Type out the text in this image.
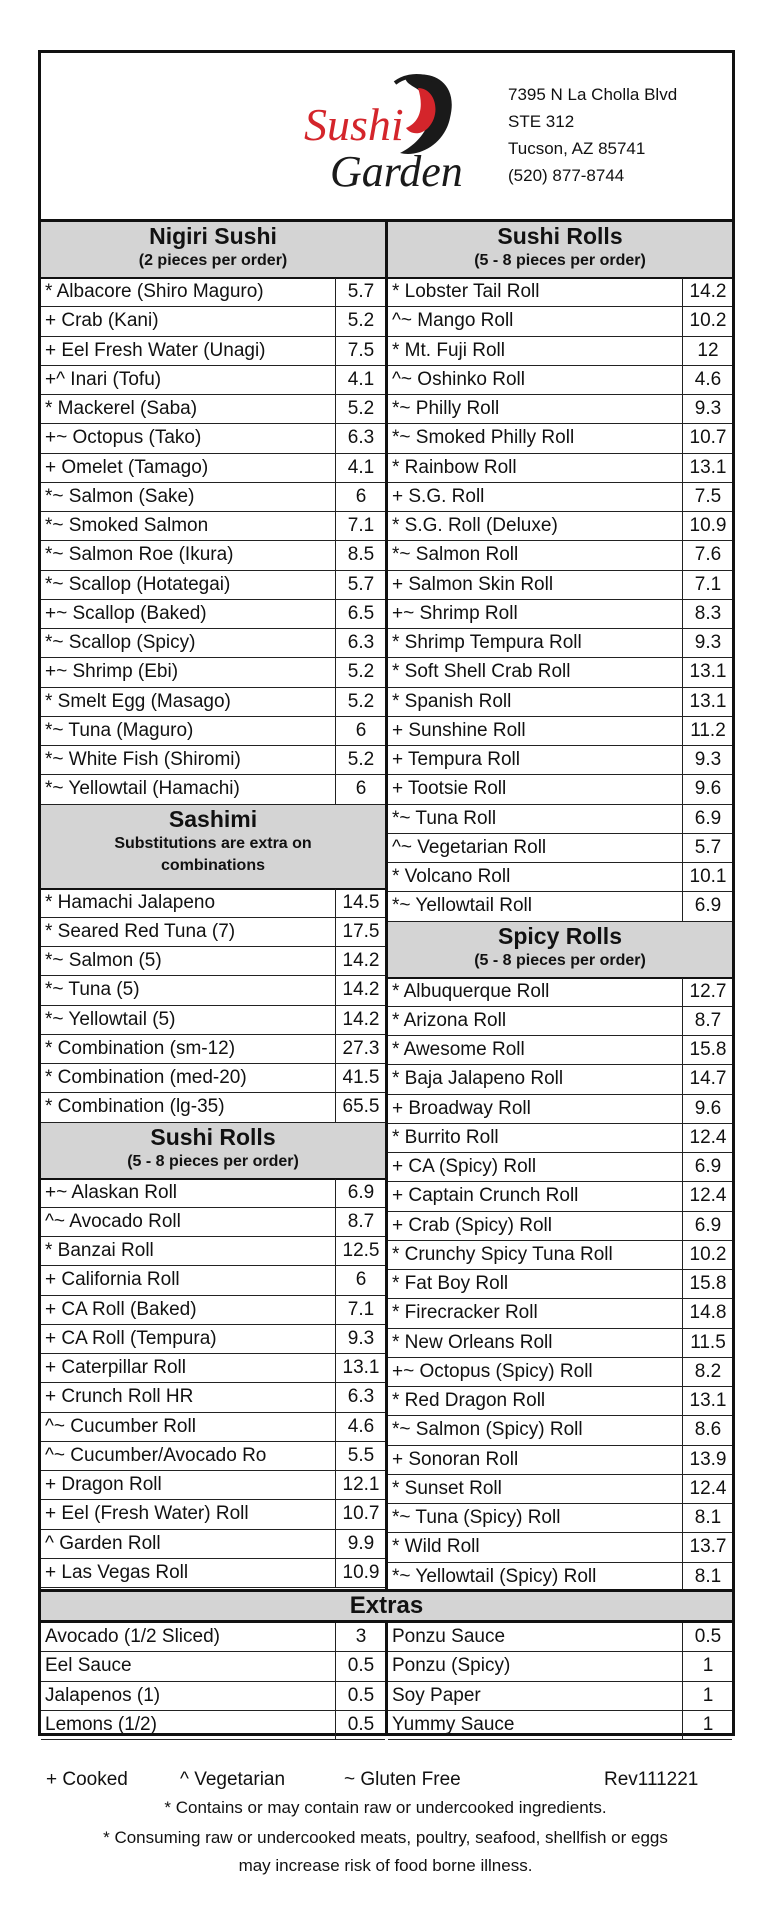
Sushi
Garden
7395 N La Cholla Blvd
STE 312
Tucson, AZ 85741
(520) 877-8744
Nigiri Sushi
(2 pieces per order)
* Albacore (Shiro Maguro)	5.7
+ Crab (Kani)	5.2
+ Eel Fresh Water (Unagi)	7.5
+^ Inari (Tofu)	4.1
* Mackerel (Saba)	5.2
+~ Octopus (Tako)	6.3
+ Omelet (Tamago)	4.1
*~ Salmon (Sake)	6
*~ Smoked Salmon	7.1
*~ Salmon Roe (Ikura)	8.5
*~ Scallop (Hotategai)	5.7
+~ Scallop (Baked)	6.5
*~ Scallop (Spicy)	6.3
+~ Shrimp (Ebi)	5.2
* Smelt Egg (Masago)	5.2
*~ Tuna (Maguro)	6
*~ White Fish (Shiromi)	5.2
*~ Yellowtail (Hamachi)	6
Sashimi
Substitutions are extra on
combinations
* Hamachi Jalapeno	14.5
* Seared Red Tuna (7)	17.5
*~ Salmon (5)	14.2
*~ Tuna (5)	14.2
*~ Yellowtail (5)	14.2
* Combination (sm-12)	27.3
* Combination (med-20)	41.5
* Combination (lg-35)	65.5
Sushi Rolls
(5 - 8 pieces per order)
+~ Alaskan Roll	6.9
^~ Avocado Roll	8.7
* Banzai Roll	12.5
+ California Roll	6
+ CA Roll (Baked)	7.1
+ CA Roll (Tempura)	9.3
+ Caterpillar Roll	13.1
+ Crunch Roll HR	6.3
^~ Cucumber Roll	4.6
^~ Cucumber/Avocado Ro	5.5
+ Dragon Roll	12.1
+ Eel (Fresh Water) Roll	10.7
^ Garden Roll	9.9
+ Las Vegas Roll	10.9
Sushi Rolls
(5 - 8 pieces per order)
* Lobster Tail Roll	14.2
^~ Mango Roll	10.2
* Mt. Fuji Roll	12
^~ Oshinko Roll	4.6
*~ Philly Roll	9.3
*~ Smoked Philly Roll	10.7
* Rainbow Roll	13.1
+ S.G. Roll	7.5
* S.G. Roll (Deluxe)	10.9
*~ Salmon Roll	7.6
+ Salmon Skin Roll	7.1
+~ Shrimp Roll	8.3
* Shrimp Tempura Roll	9.3
* Soft Shell Crab Roll	13.1
* Spanish Roll	13.1
+ Sunshine Roll	11.2
+ Tempura Roll	9.3
+ Tootsie Roll	9.6
*~ Tuna Roll	6.9
^~ Vegetarian Roll	5.7
* Volcano Roll	10.1
*~ Yellowtail Roll	6.9
Spicy Rolls
(5 - 8 pieces per order)
* Albuquerque Roll	12.7
* Arizona Roll	8.7
* Awesome Roll	15.8
* Baja Jalapeno Roll	14.7
+ Broadway Roll	9.6
* Burrito Roll	12.4
+ CA (Spicy) Roll	6.9
+ Captain Crunch Roll	12.4
+ Crab (Spicy) Roll	6.9
* Crunchy Spicy Tuna Roll	10.2
* Fat Boy Roll	15.8
* Firecracker Roll	14.8
* New Orleans Roll	11.5
+~ Octopus (Spicy) Roll	8.2
* Red Dragon Roll	13.1
*~ Salmon (Spicy) Roll	8.6
+ Sonoran Roll	13.9
* Sunset Roll	12.4
*~ Tuna (Spicy) Roll	8.1
* Wild Roll	13.7
*~ Yellowtail (Spicy) Roll	8.1
Extras
Avocado (1/2 Sliced)	3
Eel Sauce	0.5
Jalapenos (1)	0.5
Lemons (1/2)	0.5
Ponzu Sauce	0.5
Ponzu (Spicy)	1
Soy Paper	1
Yummy Sauce	1
+ Cooked	^ Vegetarian	~ Gluten Free	Rev111221
* Contains or may contain raw or undercooked ingredients.
* Consuming raw or undercooked meats, poultry, seafood, shellfish or eggs
may increase risk of food borne illness.
